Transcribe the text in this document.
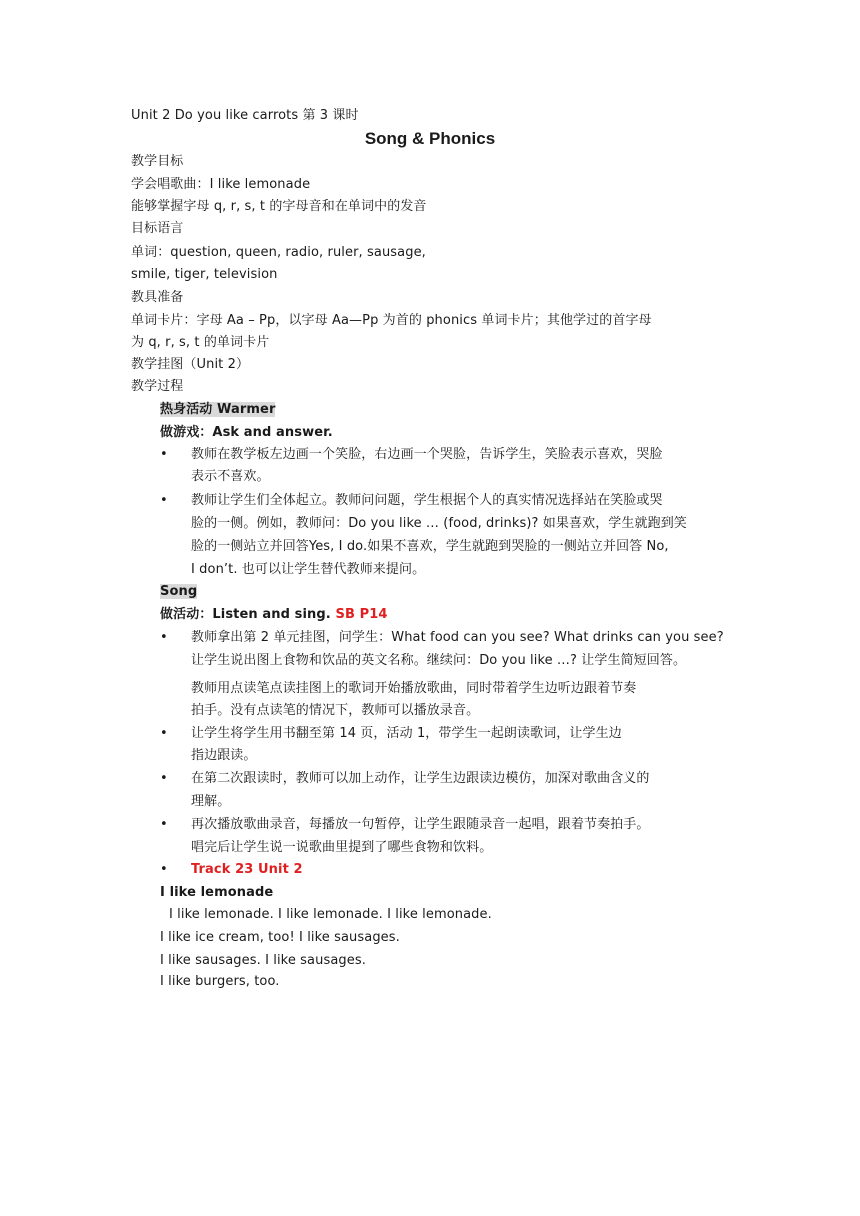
Unit 2 Do you like carrots 第 3 课时
Song & Phonics
教学目标
学会唱歌曲：I like lemonade
能够掌握字母 q, r, s, t 的字母音和在单词中的发音
目标语言
单词：question, queen, radio, ruler, sausage,
smile, tiger, television
教具准备
单词卡片：字母 Aa – Pp，以字母 Aa—Pp 为首的 phonics 单词卡片；其他学过的首字母
为 q, r, s, t 的单词卡片
教学挂图（Unit 2）
教学过程
热身活动 Warmer
做游戏：Ask and answer.
• 教师在教学板左边画一个笑脸，右边画一个哭脸，告诉学生，笑脸表示喜欢，哭脸
表示不喜欢。
• 教师让学生们全体起立。教师问问题，学生根据个人的真实情况选择站在笑脸或哭
脸的一侧。例如，教师问：Do you like … (food, drinks)? 如果喜欢，学生就跑到笑
脸的一侧站立并回答Yes, I do.如果不喜欢，学生就跑到哭脸的一侧站立并回答 No,
I don’t. 也可以让学生替代教师来提问。
Song
做活动：Listen and sing. SB P14
• 教师拿出第 2 单元挂图，问学生：What food can you see? What drinks can you see?
让学生说出图上食物和饮品的英文名称。继续问：Do you like …? 让学生简短回答。
教师用点读笔点读挂图上的歌词开始播放歌曲，同时带着学生边听边跟着节奏
拍手。没有点读笔的情况下，教师可以播放录音。
• 让学生将学生用书翻至第 14 页，活动 1，带学生一起朗读歌词，让学生边
指边跟读。
• 在第二次跟读时，教师可以加上动作，让学生边跟读边模仿，加深对歌曲含义的
理解。
• 再次播放歌曲录音，每播放一句暂停，让学生跟随录音一起唱，跟着节奏拍手。
唱完后让学生说一说歌曲里提到了哪些食物和饮料。
• Track 23 Unit 2
I like lemonade
I like lemonade. I like lemonade. I like lemonade.
I like ice cream, too! I like sausages.
I like sausages. I like sausages.
I like burgers, too.
